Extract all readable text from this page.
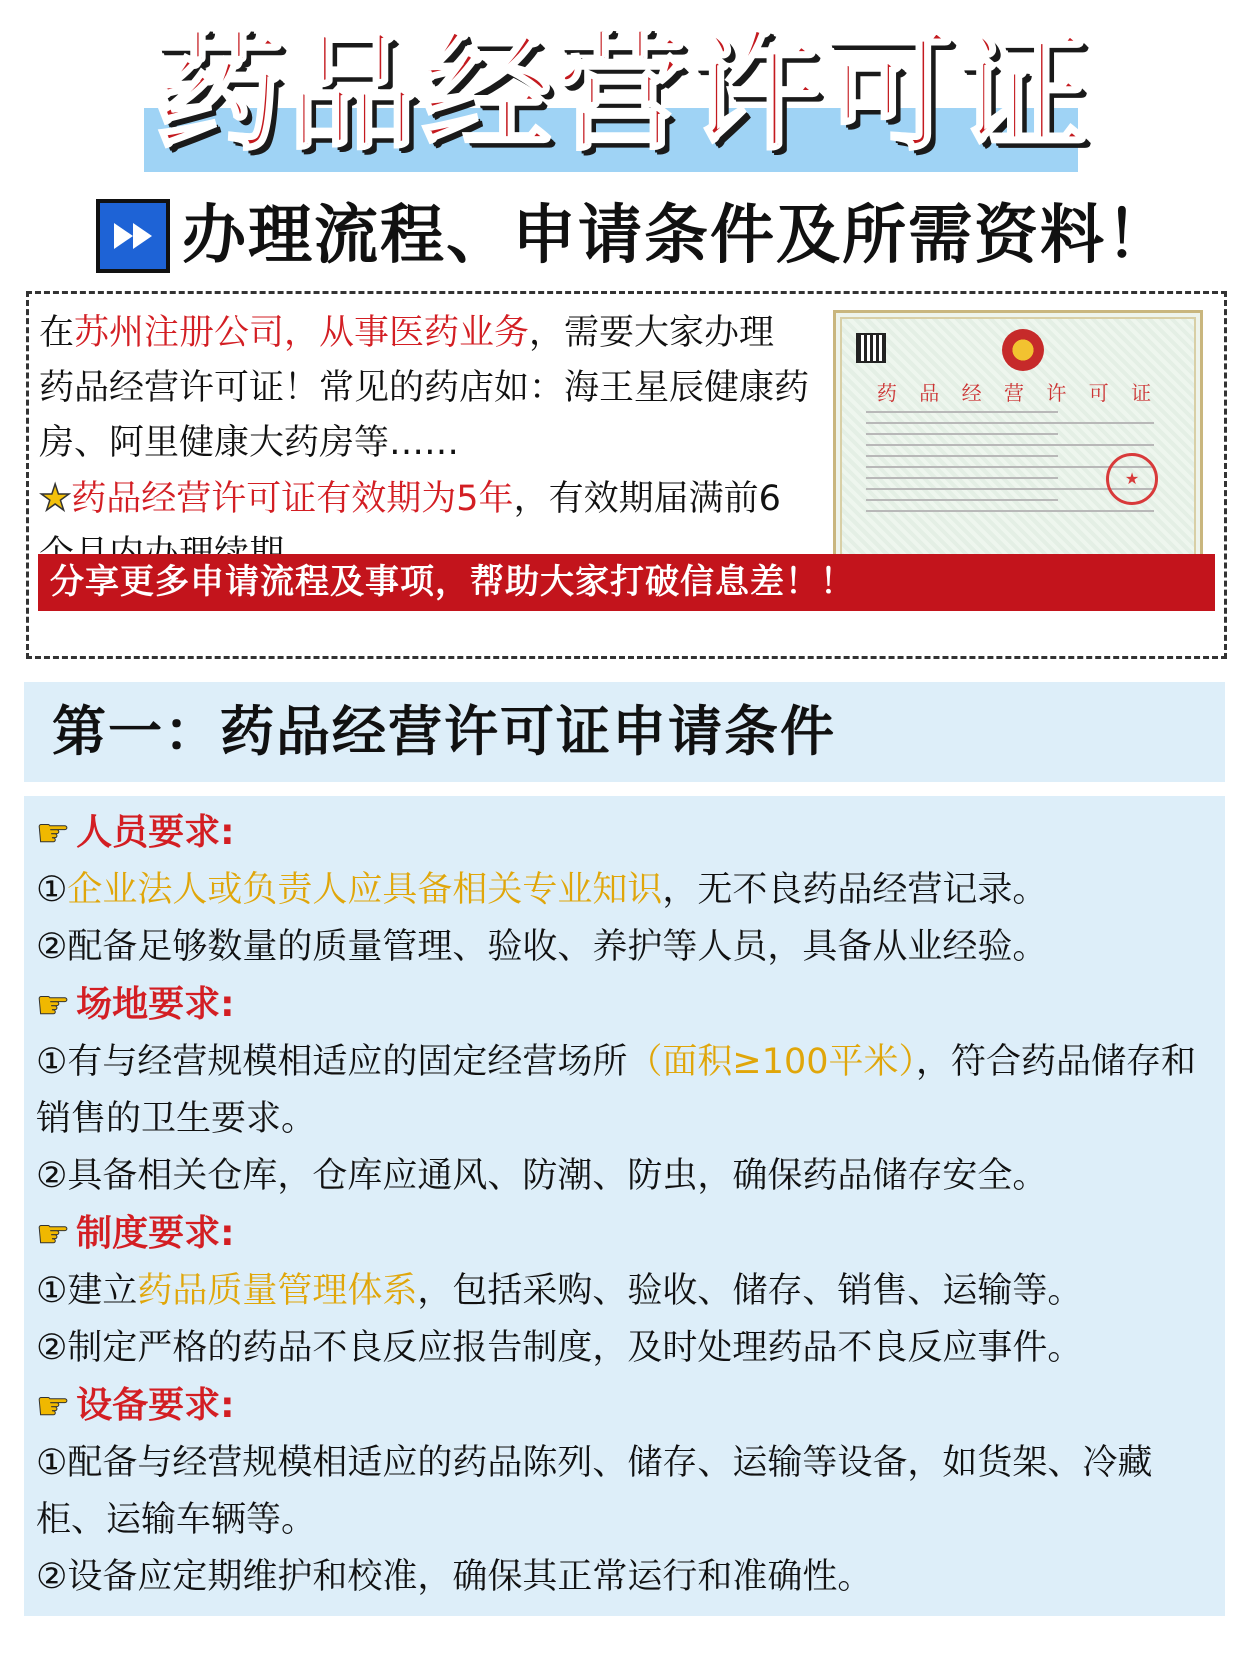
药品经营许可证
办理流程、申请条件及所需资料！
在苏州注册公司，从事医药业务，需要大家办理药品经营许可证！常见的药店如：海王星辰健康药房、阿里健康大药房等……
★药品经营许可证有效期为5年，有效期届满前6
药 品 经 营 许 可 证
★
分享更多申请流程及事项，帮助大家打破信息差！！
第一：药品经营许可证申请条件
☛ 人员要求:
①企业法人或负责人应具备相关专业知识，无不良药品经营记录。
②配备足够数量的质量管理、验收、养护等人员，具备从业经验。
☛ 场地要求:
①有与经营规模相适应的固定经营场所（面积≥100平米），符合药品储存和销售的卫生要求。
②具备相关仓库，仓库应通风、防潮、防虫，确保药品储存安全。
☛ 制度要求:
①建立药品质量管理体系，包括采购、验收、储存、销售、运输等。
②制定严格的药品不良反应报告制度，及时处理药品不良反应事件。
☛ 设备要求:
①配备与经营规模相适应的药品陈列、储存、运输等设备，如货架、冷藏柜、运输车辆等。
②设备应定期维护和校准，确保其正常运行和准确性。
